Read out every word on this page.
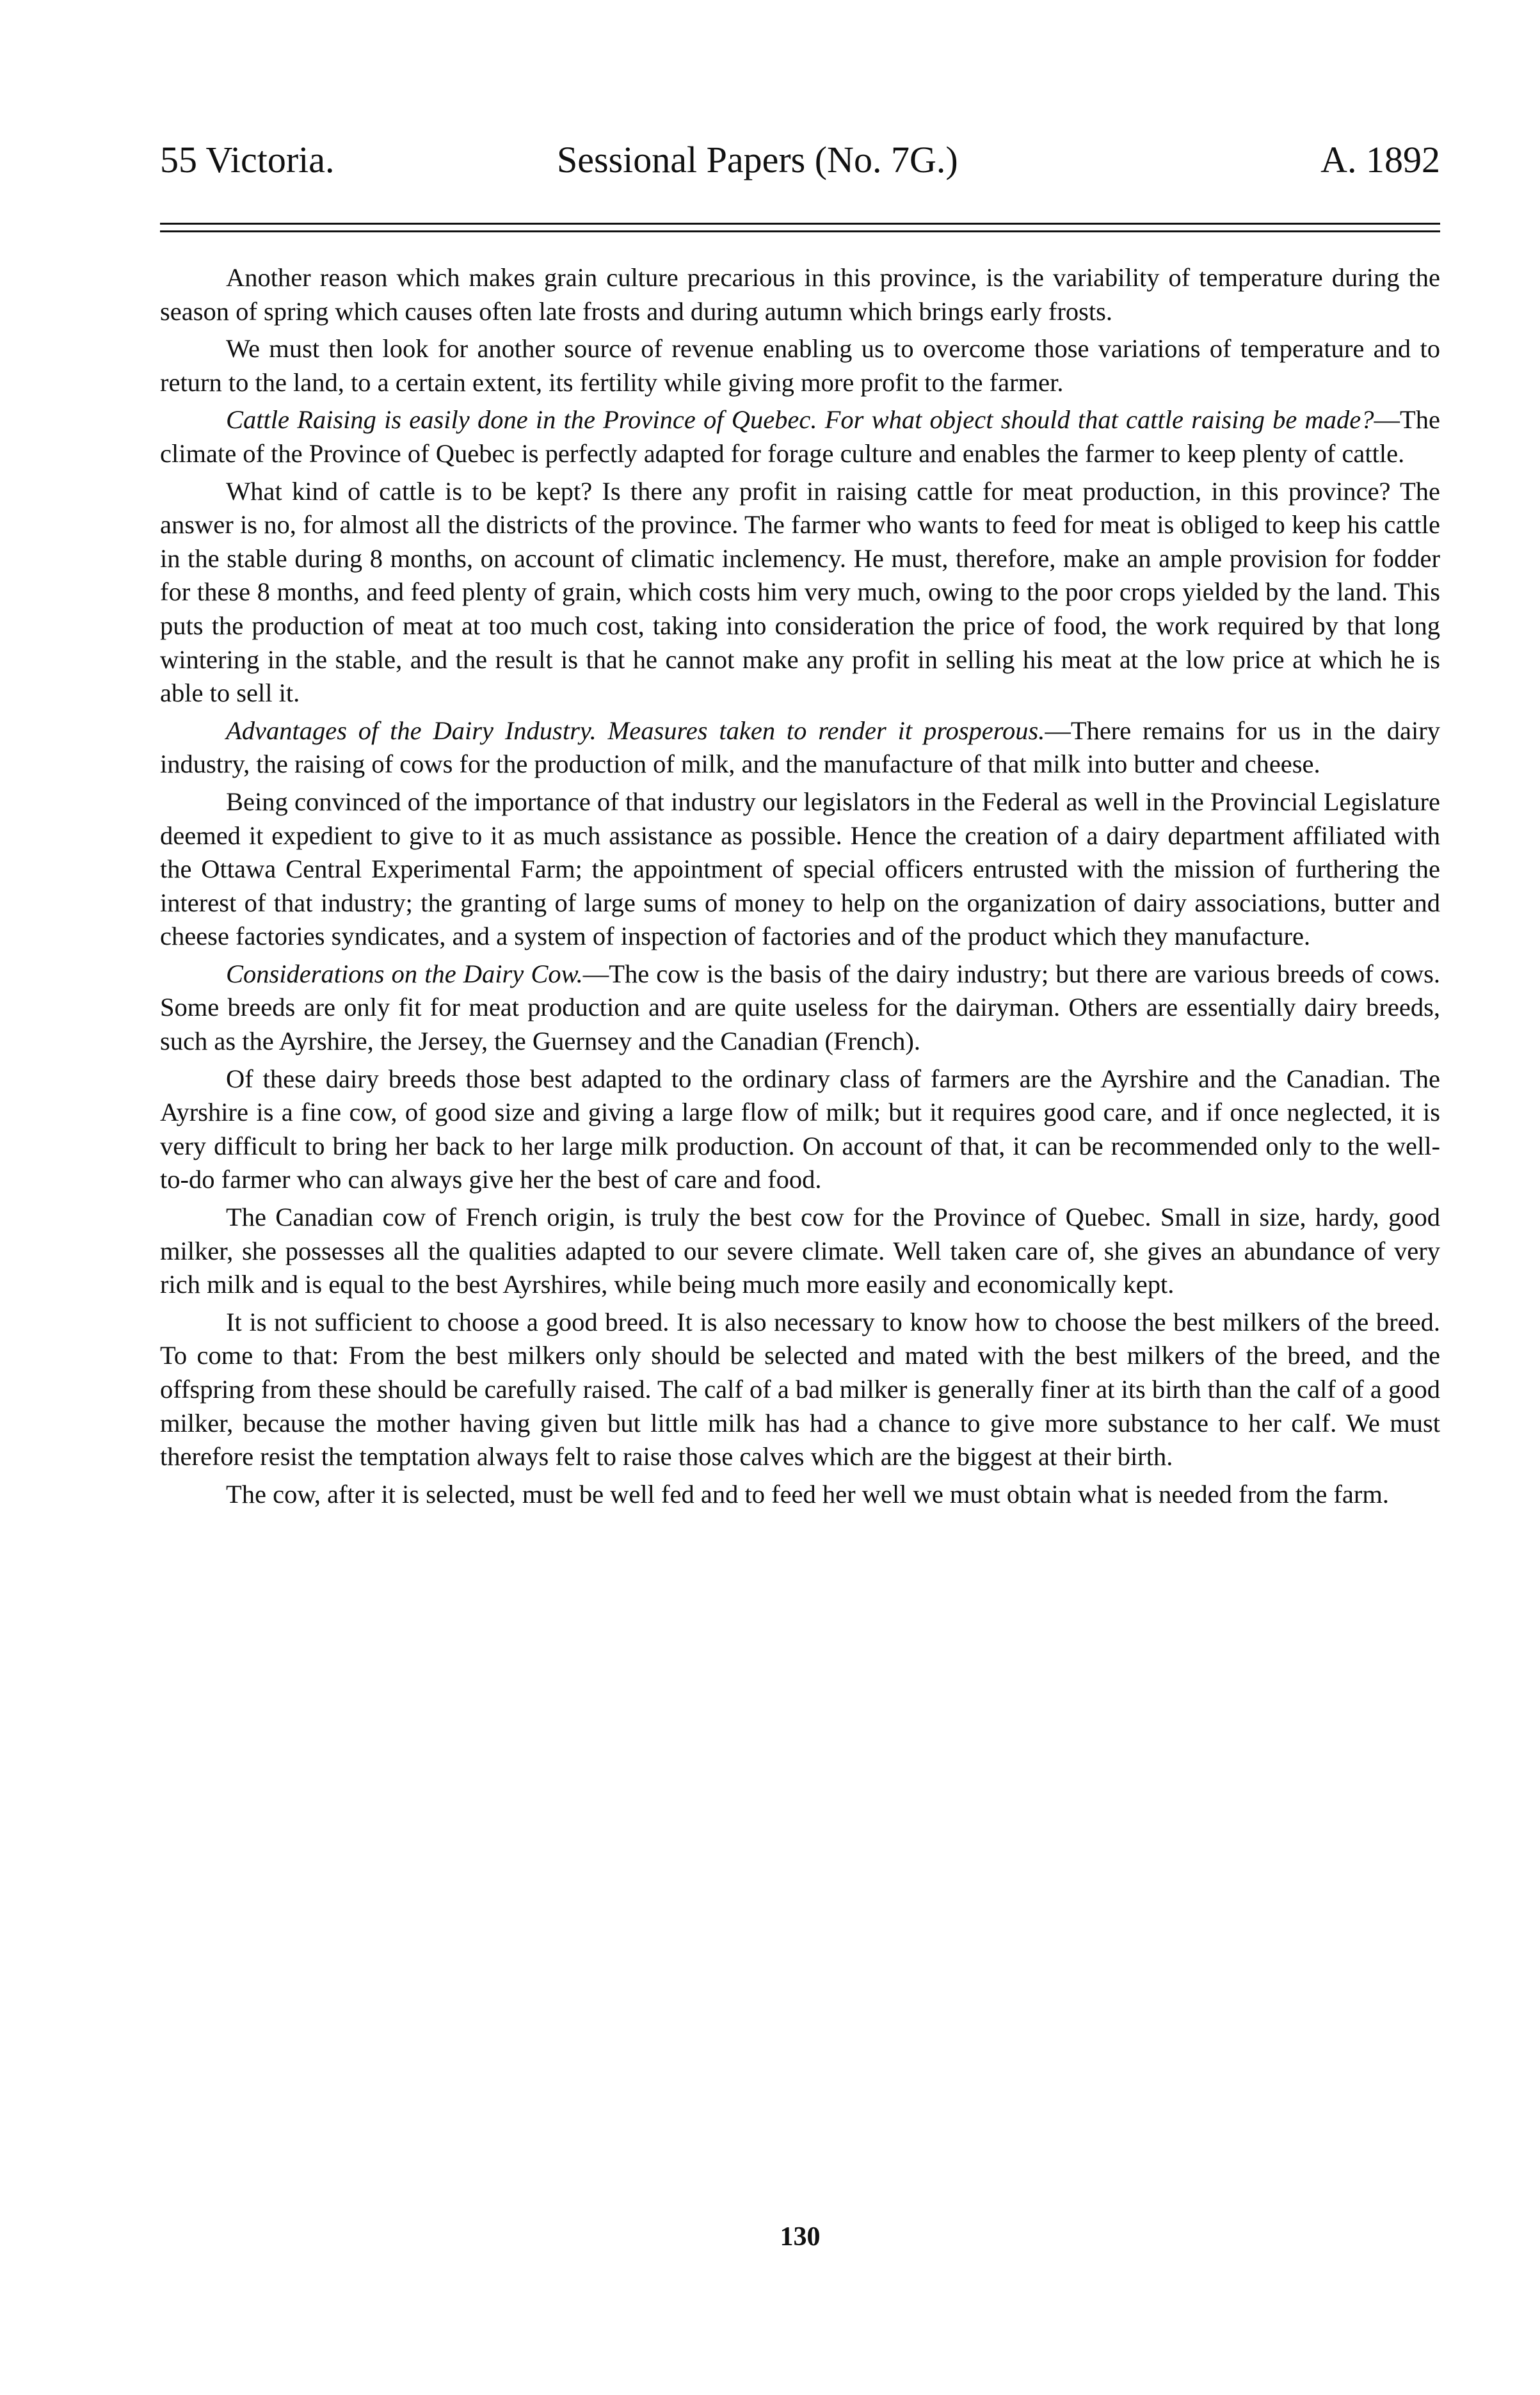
55 Victoria.	Sessional Papers (No. 7G.)	A. 1892

Another reason which makes grain culture precarious in this province, is the variability of temperature during the season of spring which causes often late frosts and during autumn which brings early frosts.

We must then look for another source of revenue enabling us to overcome those variations of temperature and to return to the land, to a certain extent, its fertility while giving more profit to the farmer.

Cattle Raising is easily done in the Province of Quebec. For what object should that cattle raising be made?—The climate of the Province of Quebec is perfectly adapted for forage culture and enables the farmer to keep plenty of cattle.

What kind of cattle is to be kept? Is there any profit in raising cattle for meat production, in this province? The answer is no, for almost all the districts of the province. The farmer who wants to feed for meat is obliged to keep his cattle in the stable during 8 months, on account of climatic inclemency. He must, therefore, make an ample provision for fodder for these 8 months, and feed plenty of grain, which costs him very much, owing to the poor crops yielded by the land. This puts the production of meat at too much cost, taking into consideration the price of food, the work required by that long wintering in the stable, and the result is that he cannot make any profit in selling his meat at the low price at which he is able to sell it.

Advantages of the Dairy Industry. Measures taken to render it prosperous.—There remains for us in the dairy industry, the raising of cows for the production of milk, and the manufacture of that milk into butter and cheese.

Being convinced of the importance of that industry our legislators in the Federal as well in the Provincial Legislature deemed it expedient to give to it as much assistance as possible. Hence the creation of a dairy department affiliated with the Ottawa Central Experimental Farm; the appointment of special officers entrusted with the mission of furthering the interest of that industry; the granting of large sums of money to help on the organization of dairy associations, butter and cheese factories syndicates, and a system of inspection of factories and of the product which they manufacture.

Considerations on the Dairy Cow.—The cow is the basis of the dairy industry; but there are various breeds of cows. Some breeds are only fit for meat production and are quite useless for the dairyman. Others are essentially dairy breeds, such as the Ayrshire, the Jersey, the Guernsey and the Canadian (French).

Of these dairy breeds those best adapted to the ordinary class of farmers are the Ayrshire and the Canadian. The Ayrshire is a fine cow, of good size and giving a large flow of milk; but it requires good care, and if once neglected, it is very difficult to bring her back to her large milk production. On account of that, it can be recommended only to the well-to-do farmer who can always give her the best of care and food.

The Canadian cow of French origin, is truly the best cow for the Province of Quebec. Small in size, hardy, good milker, she possesses all the qualities adapted to our severe climate. Well taken care of, she gives an abundance of very rich milk and is equal to the best Ayrshires, while being much more easily and economically kept.

It is not sufficient to choose a good breed. It is also necessary to know how to choose the best milkers of the breed. To come to that: From the best milkers only should be selected and mated with the best milkers of the breed, and the offspring from these should be carefully raised. The calf of a bad milker is generally finer at its birth than the calf of a good milker, because the mother having given but little milk has had a chance to give more substance to her calf. We must therefore resist the temptation always felt to raise those calves which are the biggest at their birth.

The cow, after it is selected, must be well fed and to feed her well we must obtain what is needed from the farm.

130
